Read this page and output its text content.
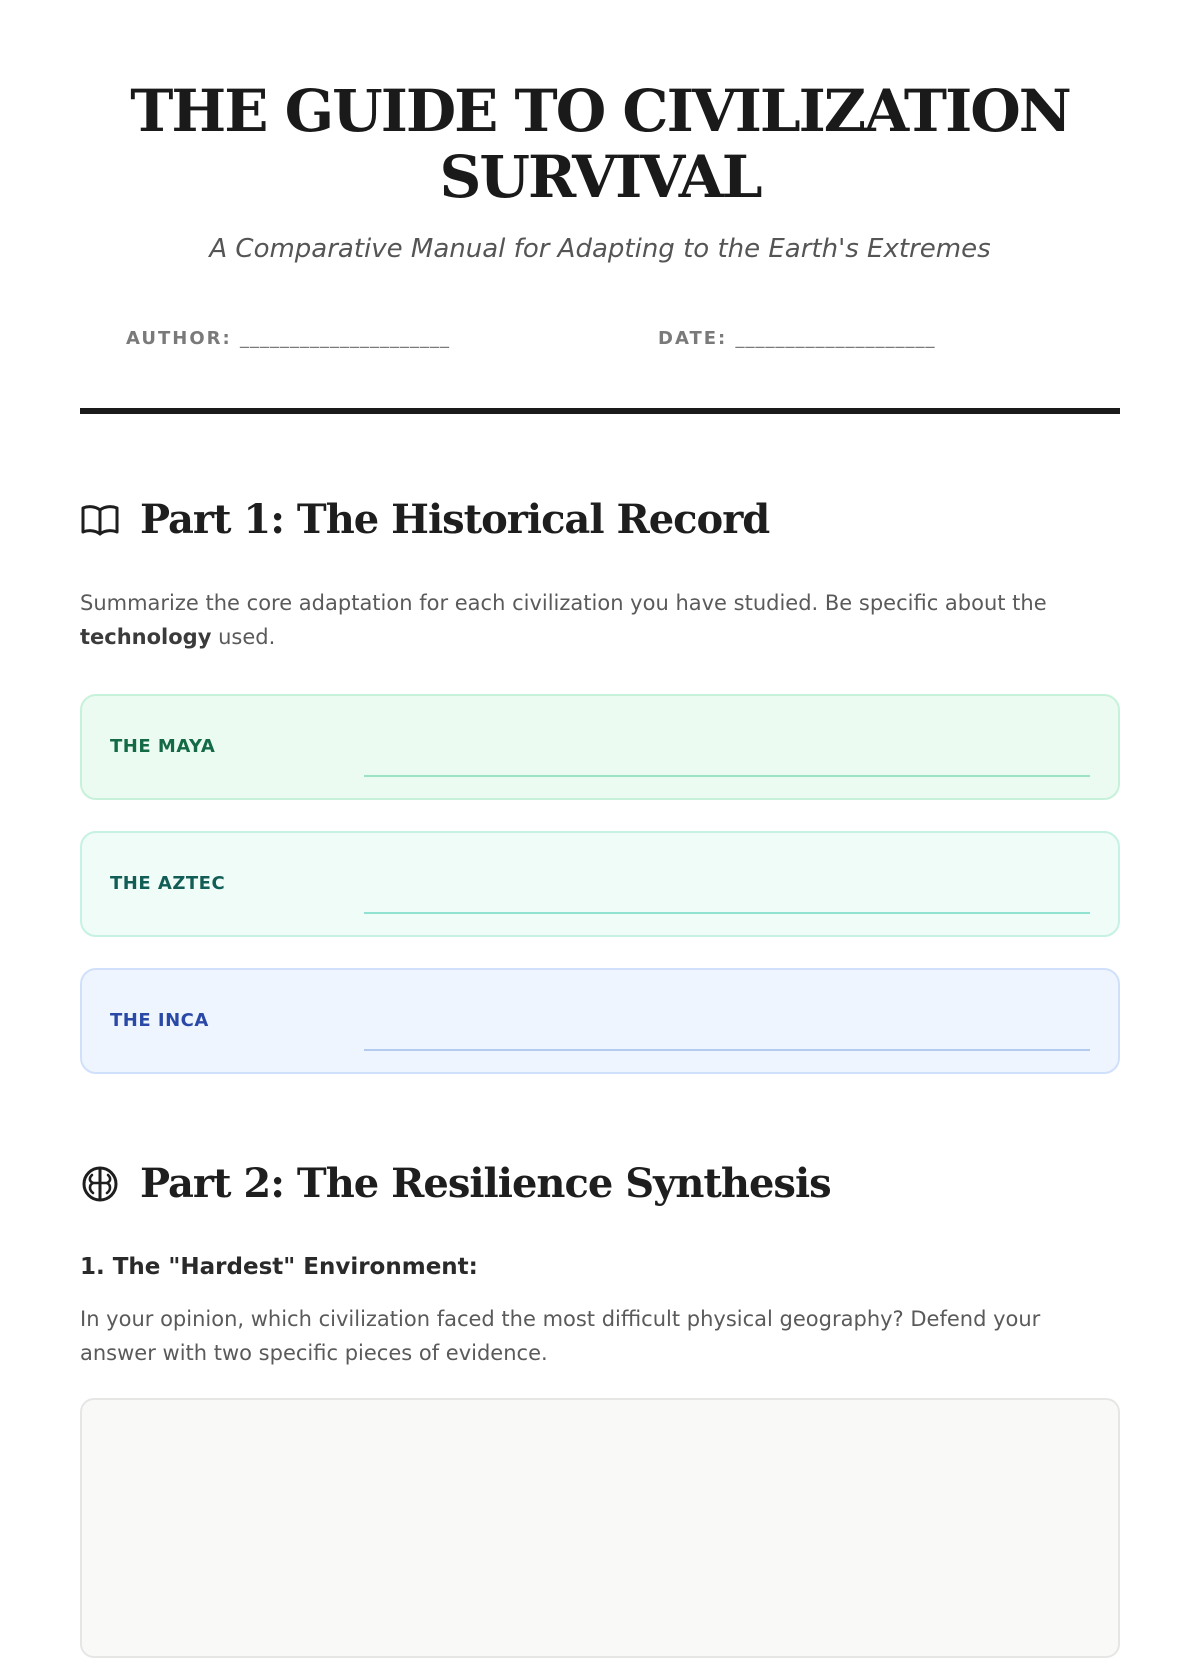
THE GUIDE TO CIVILIZATION SURVIVAL
A Comparative Manual for Adapting to the Earth's Extremes
AUTHOR: _____________________	DATE: ____________________
Part 1: The Historical Record
Summarize the core adaptation for each civilization you have studied. Be specific about the technology used.
THE MAYA
THE AZTEC
THE INCA
Part 2: The Resilience Synthesis
1. The "Hardest" Environment:
In your opinion, which civilization faced the most difficult physical geography? Defend your answer with two specific pieces of evidence.
